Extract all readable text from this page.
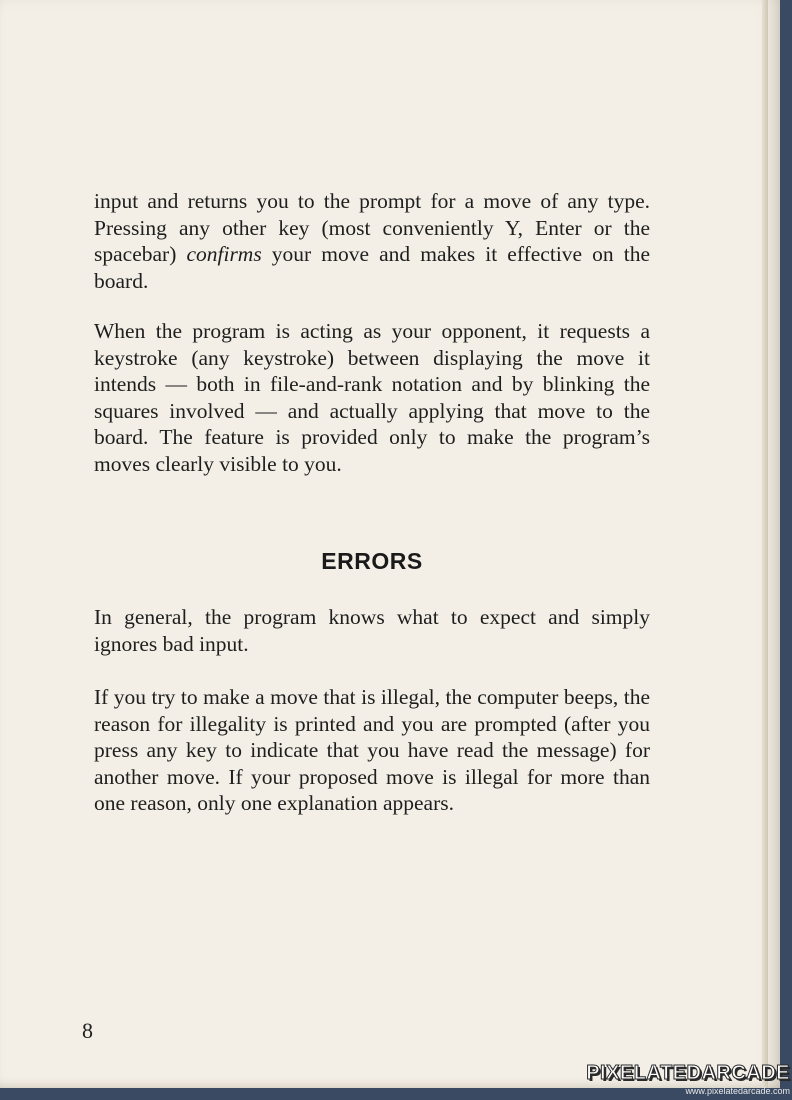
input and returns you to the prompt for a move of any type. Pressing any other key (most conveniently Y, Enter or the spacebar) confirms your move and makes it effective on the board.

When the program is acting as your opponent, it requests a keystroke (any keystroke) between displaying the move it intends — both in file-and-rank notation and by blinking the squares involved — and actually applying that move to the board. The feature is provided only to make the program’s moves clearly visible to you.

ERRORS

In general, the program knows what to expect and simply ignores bad input.

If you try to make a move that is illegal, the computer beeps, the reason for illegality is printed and you are prompted (after you press any key to indicate that you have read the message) for another move. If your proposed move is illegal for more than one reason, only one explanation appears.

8
PIXELATEDARCADE
www.pixelatedarcade.com
